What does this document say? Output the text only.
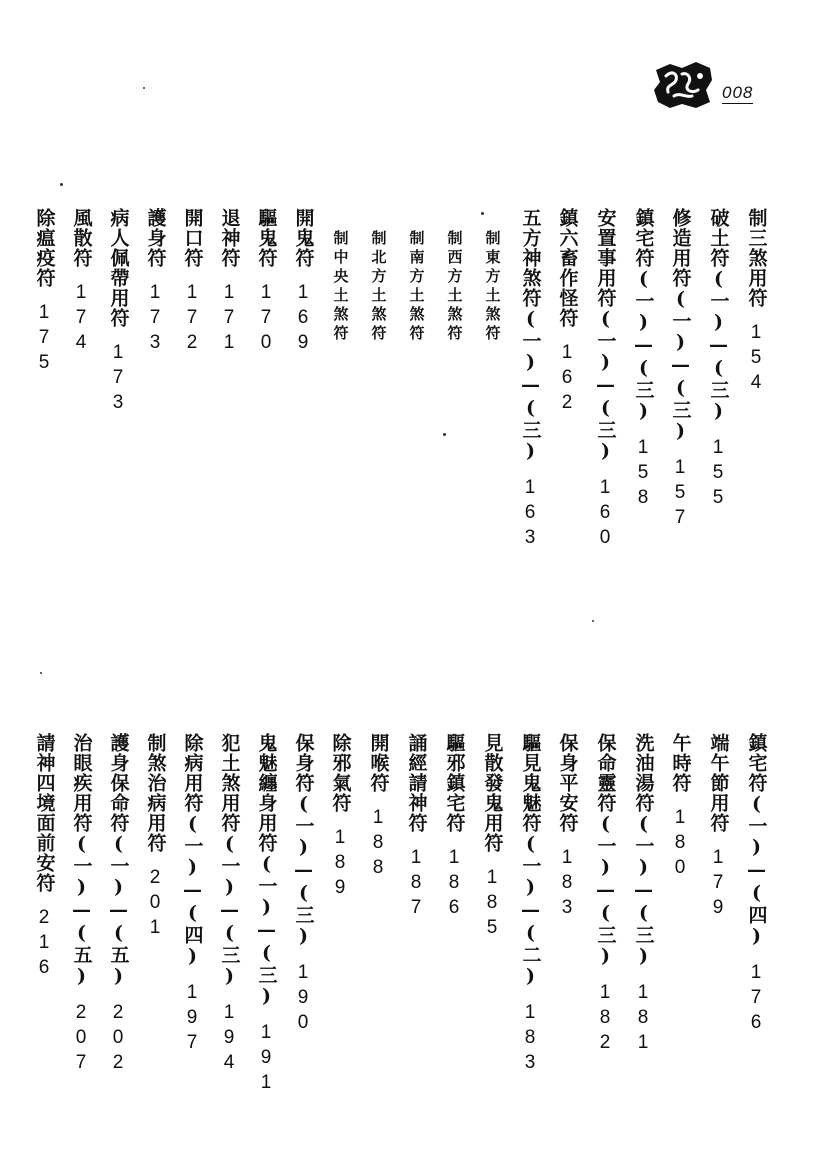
008
制三煞用符
154
破土符(一)—(三)
155
修造用符(一)—(三)
157
鎮宅符(一)—(三)
158
安置事用符(一)—(三)
160
鎮六畜作怪符
162
五方神煞符(一)—(三)
163
制東方土煞符
制西方土煞符
制南方土煞符
制北方土煞符
制中央土煞符
開鬼符
169
驅鬼符
170
退神符
171
開口符
172
護身符
173
病人佩帶用符
173
風散符
174
除瘟疫符
175
鎮宅符(一)—(四)
176
端午節用符
179
午時符
180
洗油湯符(一)—(三)
181
保命靈符(一)—(三)
182
保身平安符
183
驅見鬼魅符(一)—(二)
183
見散發鬼用符
185
驅邪鎮宅符
186
誦經請神符
187
開喉符
188
除邪氣符
189
保身符(一)—(三)
190
鬼魅纏身用符(一)—(三)
191
犯土煞用符(一)—(三)
194
除病用符(一)—(四)
197
制煞治病用符
201
護身保命符(一)—(五)
202
治眼疾用符(一)—(五)
207
請神四境面前安符
216
